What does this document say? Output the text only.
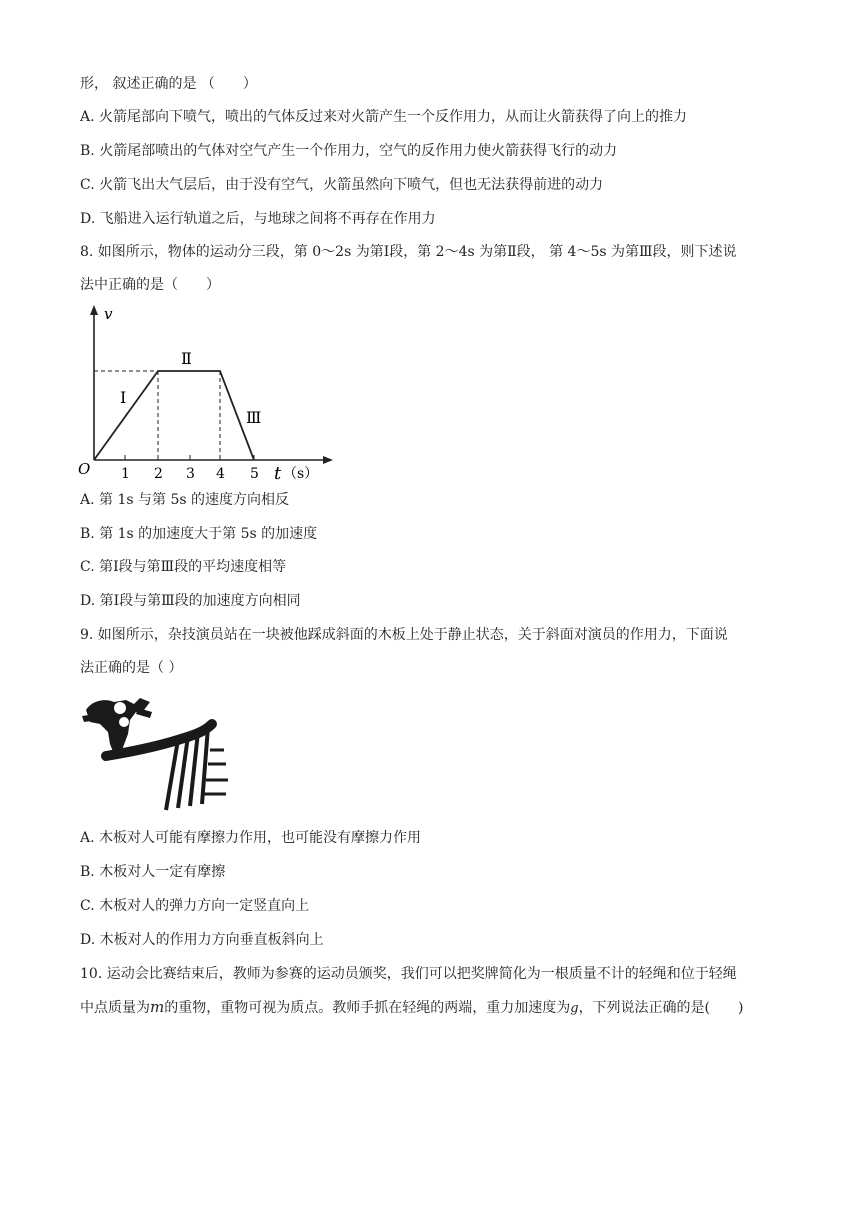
形， 叙述正确的是 （　　）
A. 火箭尾部向下喷气，喷出的气体反过来对火箭产生一个反作用力，从而让火箭获得了向上的推力
B. 火箭尾部喷出的气体对空气产生一个作用力，空气的反作用力使火箭获得飞行的动力
C. 火箭飞出大气层后，由于没有空气，火箭虽然向下喷气，但也无法获得前进的动力
D. 飞船进入运行轨道之后，与地球之间将不再存在作用力
8. 如图所示，物体的运动分三段，第 0～2s 为第Ⅰ段，第 2～4s 为第Ⅱ段， 第 4～5s 为第Ⅲ段，则下述说
法中正确的是（　　）
v
O 1 2 3 4 5 t （s）
Ⅰ
Ⅱ
Ⅲ
A. 第 1s 与第 5s 的速度方向相反
B. 第 1s 的加速度大于第 5s 的加速度
C. 第Ⅰ段与第Ⅲ段的平均速度相等
D. 第Ⅰ段与第Ⅲ段的加速度方向相同
9. 如图所示，杂技演员站在一块被他踩成斜面的木板上处于静止状态，关于斜面对演员的作用力，下面说
法正确的是（ ）
A. 木板对人可能有摩擦力作用，也可能没有摩擦力作用
B. 木板对人一定有摩擦
C. 木板对人的弹力方向一定竖直向上
D. 木板对人的作用力方向垂直板斜向上
10. 运动会比赛结束后，教师为参赛的运动员颁奖，我们可以把奖牌简化为一根质量不计的轻绳和位于轻绳
中点质量为m的重物，重物可视为质点。教师手抓在轻绳的两端，重力加速度为g，下列说法正确的是(　　)
